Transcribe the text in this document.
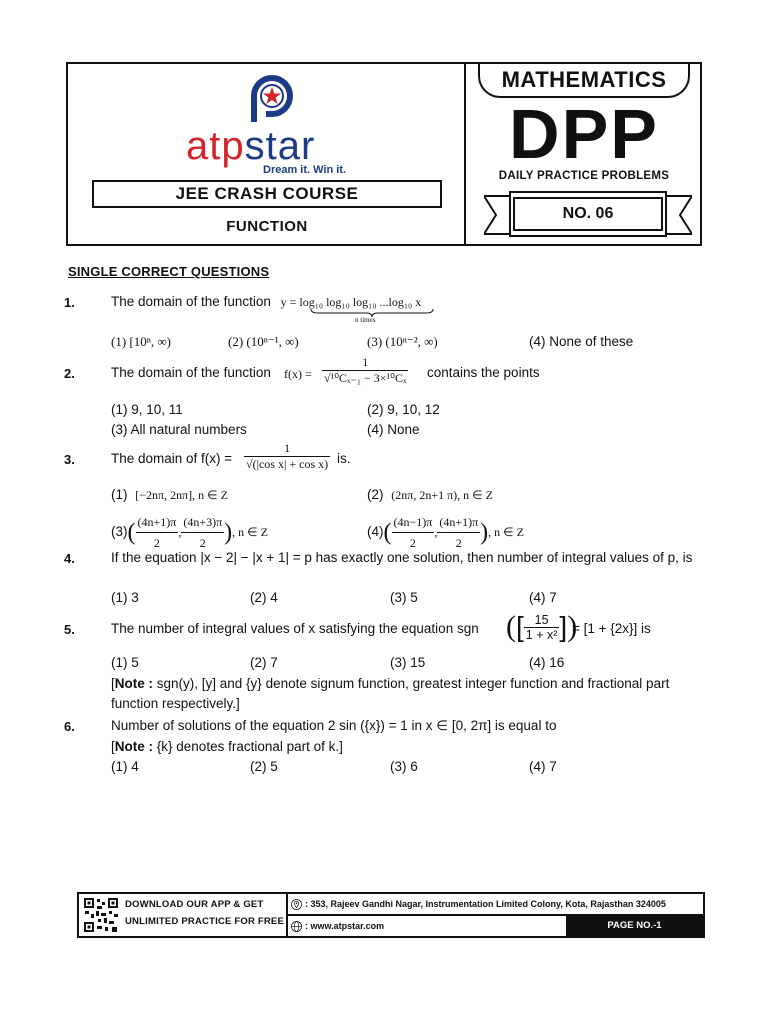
atpstar
Dream it. Win it.
JEE CRASH COURSE
FUNCTION
MATHEMATICS
DPP
DAILY PRACTICE PROBLEMS
NO. 06
SINGLE CORRECT QUESTIONS
1.	The domain of the function y = log₁₀ log₁₀ log₁₀ ...log₁₀ x
n times
(1) [10ⁿ, ∞)	(2) (10ⁿ⁻¹, ∞)	(3) (10ⁿ⁻², ∞)	(4) None of these
2.	The domain of the function $f(x) = \frac{1}{\text{√¹⁰Cₓ₋₁ − 3×¹⁰Cₓ}}$ contains the points
(1) 9, 10, 11	(2) 9, 10, 12
(3) All natural numbers	(4) None
3.	The domain of $f(x) = \frac{1}{\text{√(|cos x| + cos x)}}$ is.
(1) [−2nπ, 2nπ], n ∈ Z	(2) (2nπ, 2n+1 π), n ∈ Z
$(3)( \frac{(4n+1)\pi}{2}$ , $\frac{(4n+3)\pi}{2}$ ), n ∈ Z	$(4)( \frac{(4n-1)\pi}{2}$ , $\frac{(4n+1)\pi}{2}$ ), n ∈ Z
4.	If the equation |x − 2| − |x + 1| = p has exactly one solution, then number of integral values of p, is
(1) 3	(2) 4	(3) 5	(4) 7
5.	The number of integral values of x satisfying the equation sgn ([ $\frac{15}{\text{1 + x²}}$ ])
= [1 + {2x}] is
(1) 5	(2) 7	(3) 15	(4) 16
[Note : sgn(y), [y] and {y} denote signum function, greatest integer function and fractional part function respectively.]
6.	Number of solutions of the equation 2 sin ({x}) = 1 in x ∈ [0, 2π] is equal to
[Note : {k} denotes fractional part of k.]
(1) 4	(2) 5	(3) 6	(4) 7
DOWNLOAD OUR APP & GET
UNLIMITED PRACTICE FOR FREE
: 353, Rajeev Gandhi Nagar, Instrumentation Limited Colony, Kota, Rajasthan 324005
: www.atpstar.com	PAGE NO.-1
